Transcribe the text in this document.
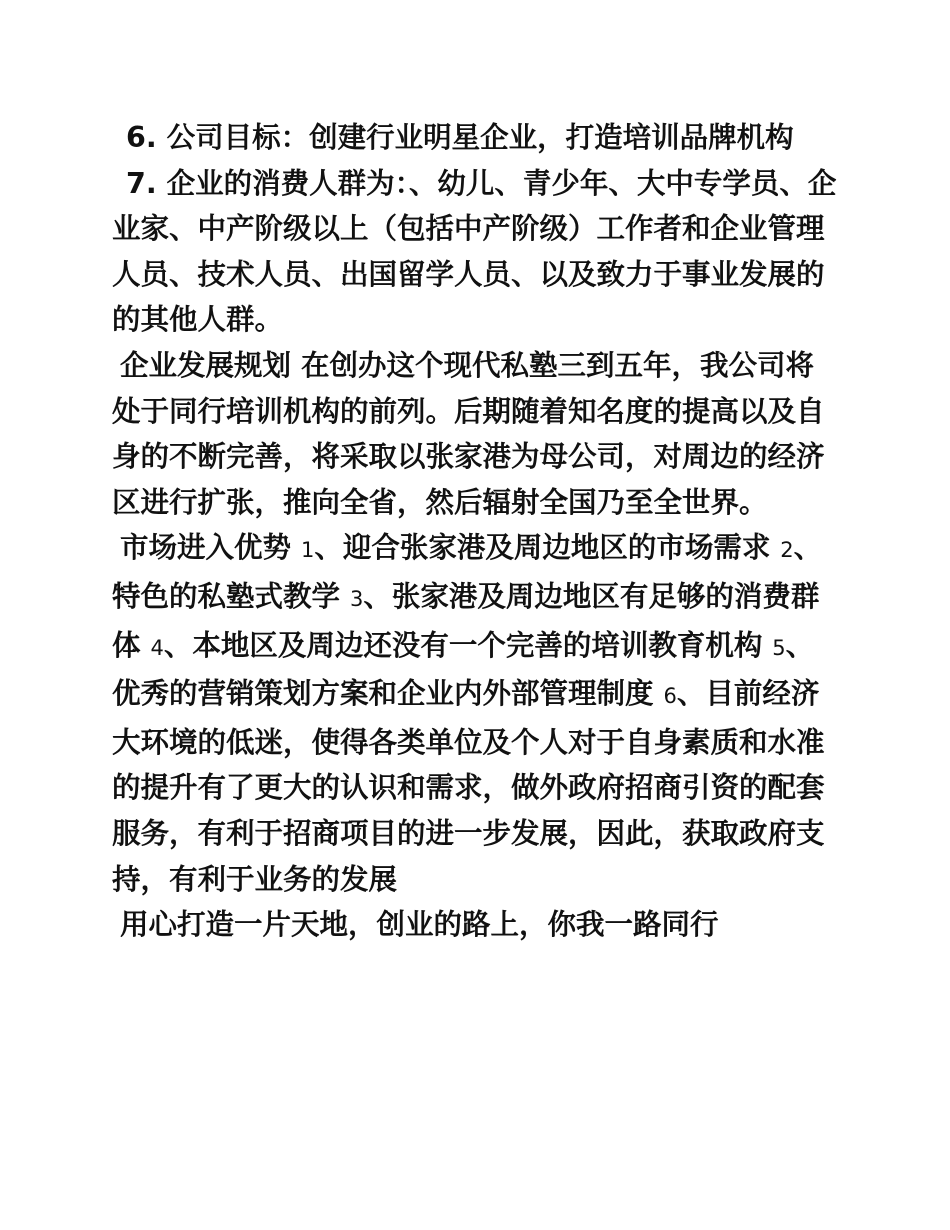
6. 公司目标：创建行业明星企业，打造培训品牌机构

7. 企业的消费人群为：、幼儿、青少年、大中专学员、企业家、中产阶级以上（包括中产阶级）工作者和企业管理人员、技术人员、出国留学人员、以及致力于事业发展的的其他人群。

企业发展规划 在创办这个现代私塾三到五年，我公司将处于同行培训机构的前列。后期随着知名度的提高以及自身的不断完善，将采取以张家港为母公司，对周边的经济区进行扩张，推向全省，然后辐射全国乃至全世界。

市场进入优势 1、迎合张家港及周边地区的市场需求 2、特色的私塾式教学 3、张家港及周边地区有足够的消费群体 4、本地区及周边还没有一个完善的培训教育机构 5、优秀的营销策划方案和企业内外部管理制度 6、目前经济大环境的低迷，使得各类单位及个人对于自身素质和水准的提升有了更大的认识和需求，做外政府招商引资的配套服务，有利于招商项目的进一步发展，因此，获取政府支持，有利于业务的发展

用心打造一片天地，创业的路上，你我一路同行
